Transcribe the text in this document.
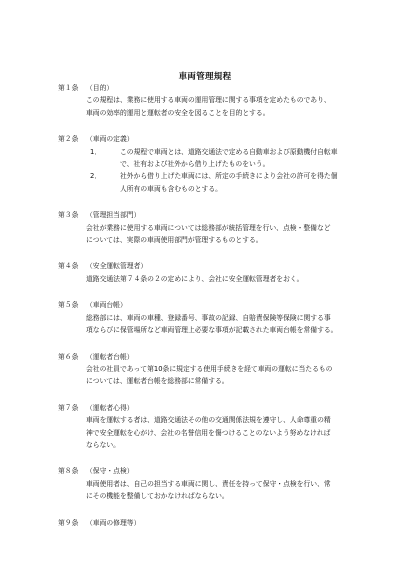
車両管理規程
第１条	（目的）
この規程は、業務に使用する車両の運用管理に関する事項を定めたものであり、
車両の効率的運用と運転者の安全を図ることを目的とする。
第２条	（車両の定義）
1．	この規程で車両とは、道路交通法で定める自動車および原動機付自転車
で、社有および社外から借り上げたものをいう。
2．	社外から借り上げた車両には、所定の手続きにより会社の許可を得た個
人所有の車両も含むものとする。
第３条	（管理担当部門）
会社が業務に使用する車両については総務部が統括管理を行い、点検・整備など
については、実際の車両使用部門が管理するものとする。
第４条	（安全運転管理者）
道路交通法第７４条の２の定めにより、会社に安全運転管理者をおく。
第５条	（車両台帳）
総務部には、車両の車種、登録番号、事故の記録、自賠責保険等保険に関する事
項ならびに保管場所など車両管理上必要な事項が記載された車両台帳を常備する。
第６条	（運転者台帳）
会社の社員であって第10条に規定する使用手続きを経て車両の運転に当たるもの
については、運転者台帳を総務部に常備する。
第７条	（運転者心得）
車両を運転する者は、道路交通法その他の交通関係法規を遵守し、人命尊重の精
神で安全運転を心がけ、会社の名誉信用を傷つけることのないよう努めなければ
ならない。
第８条	（保守・点検）
車両使用者は、自己の担当する車両に関し、責任を持って保守・点検を行い、常
にその機能を整備しておかなければならない。
第９条	（車両の修理等）
